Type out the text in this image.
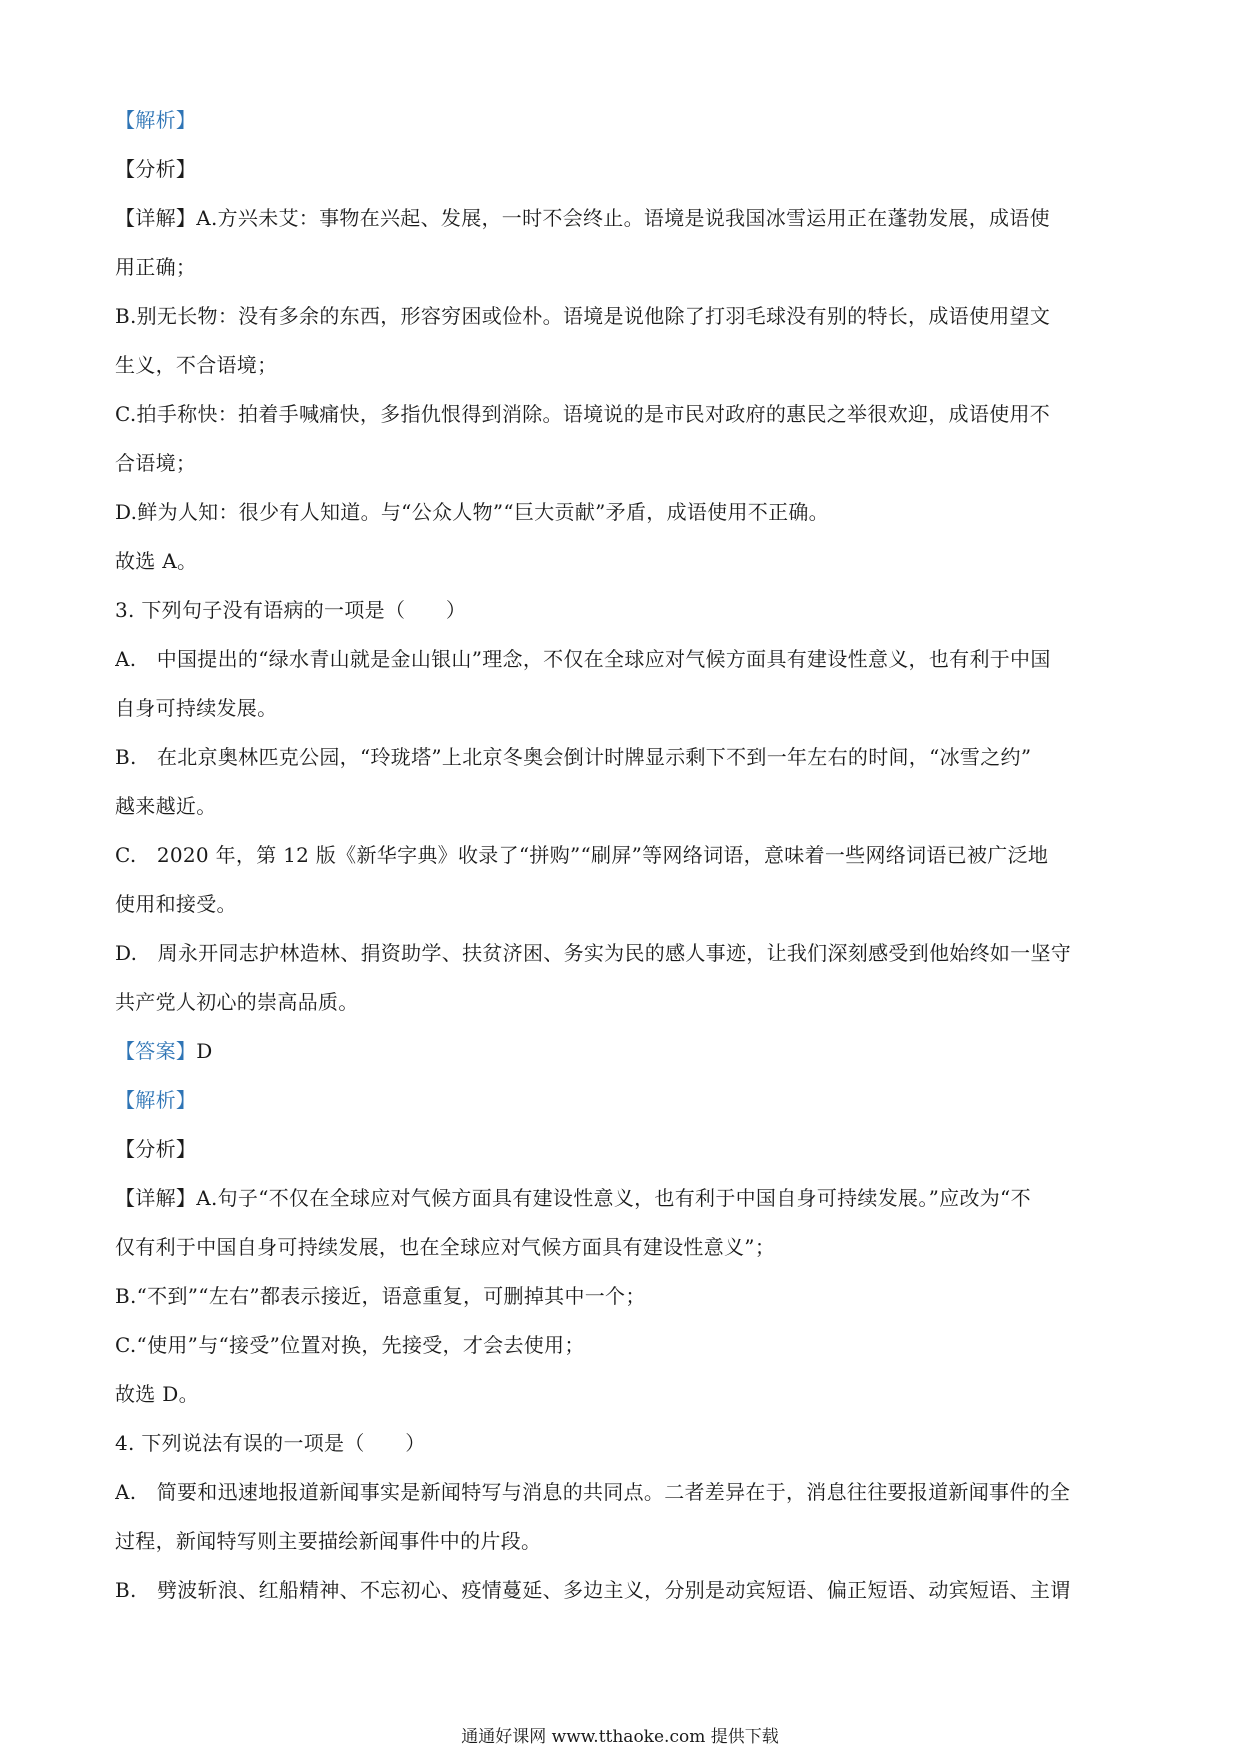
【解析】
【分析】
【详解】A.方兴未艾：事物在兴起、发展，一时不会终止。语境是说我国冰雪运用正在蓬勃发展，成语使
用正确；
B.别无长物：没有多余的东西，形容穷困或俭朴。语境是说他除了打羽毛球没有别的特长，成语使用望文
生义，不合语境；
C.拍手称快：拍着手喊痛快，多指仇恨得到消除。语境说的是市民对政府的惠民之举很欢迎，成语使用不
合语境；
D.鲜为人知：很少有人知道。与“公众人物”“巨大贡献”矛盾，成语使用不正确。
故选 A。
3. 下列句子没有语病的一项是（　　）
A.　中国提出的“绿水青山就是金山银山”理念，不仅在全球应对气候方面具有建设性意义，也有利于中国
自身可持续发展。
B.　在北京奥林匹克公园，“玲珑塔”上北京冬奥会倒计时牌显示剩下不到一年左右的时间，“冰雪之约”
越来越近。
C.　2020 年，第 12 版《新华字典》收录了“拼购”“刷屏”等网络词语，意味着一些网络词语已被广泛地
使用和接受。
D.　周永开同志护林造林、捐资助学、扶贫济困、务实为民的感人事迹，让我们深刻感受到他始终如一坚守
共产党人初心的崇高品质。
【答案】D
【解析】
【分析】
【详解】A.句子“不仅在全球应对气候方面具有建设性意义，也有利于中国自身可持续发展。”应改为“不
仅有利于中国自身可持续发展，也在全球应对气候方面具有建设性意义”；
B.“不到”“左右”都表示接近，语意重复，可删掉其中一个；
C.“使用”与“接受”位置对换，先接受，才会去使用；
故选 D。
4. 下列说法有误的一项是（　　）
A.　简要和迅速地报道新闻事实是新闻特写与消息的共同点。二者差异在于，消息往往要报道新闻事件的全
过程，新闻特写则主要描绘新闻事件中的片段。
B.　劈波斩浪、红船精神、不忘初心、疫情蔓延、多边主义，分别是动宾短语、偏正短语、动宾短语、主谓
通通好课网 www.tthaoke.com 提供下载
